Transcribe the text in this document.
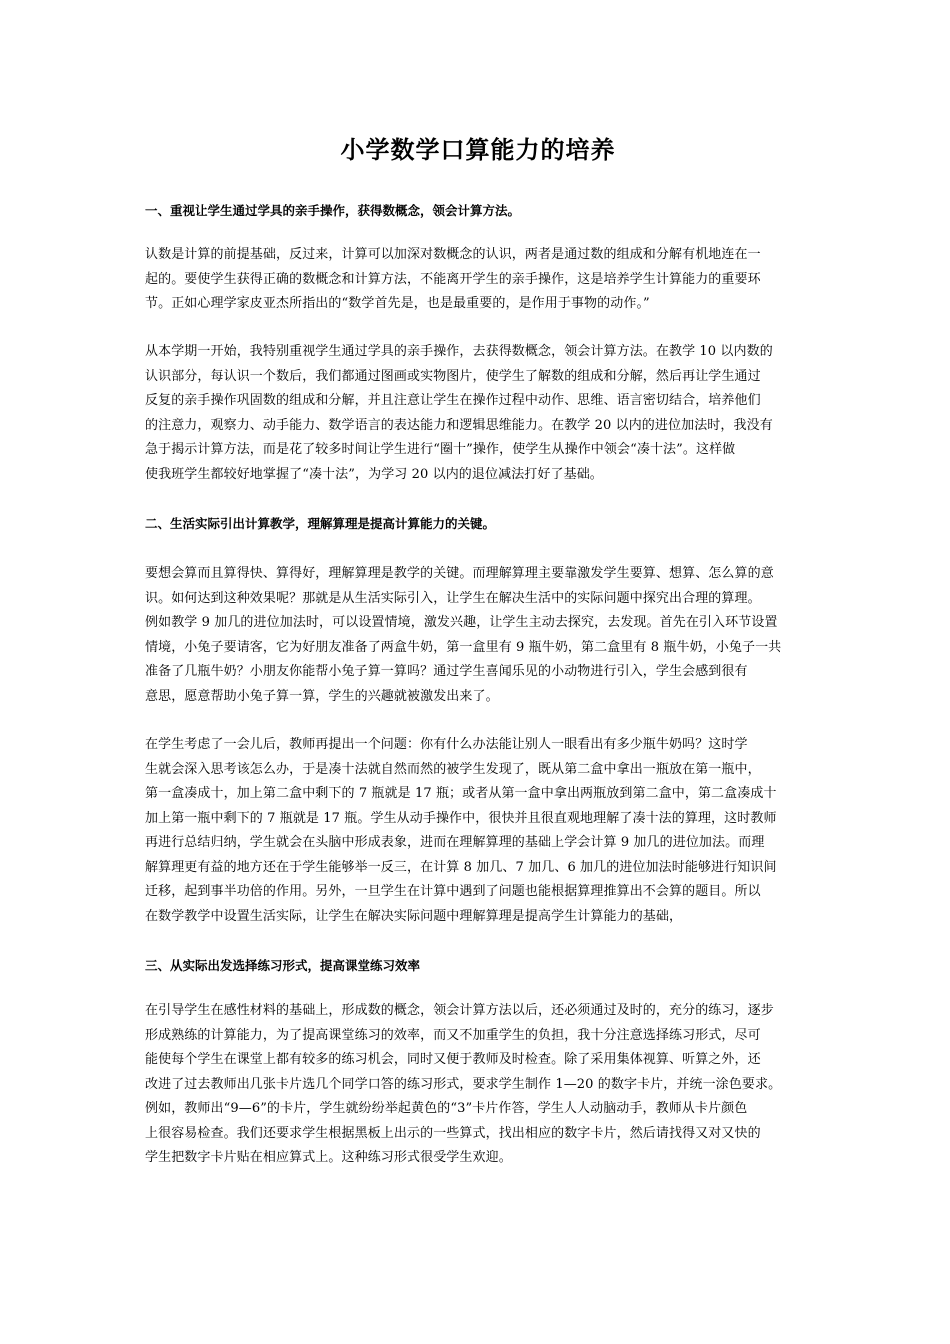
小学数学口算能力的培养
一、重视让学生通过学具的亲手操作，获得数概念，领会计算方法。
认数是计算的前提基础，反过来，计算可以加深对数概念的认识，两者是通过数的组成和分解有机地连在一
起的。要使学生获得正确的数概念和计算方法，不能离开学生的亲手操作，这是培养学生计算能力的重要环
节。正如心理学家皮亚杰所指出的“数学首先是，也是最重要的，是作用于事物的动作。”
从本学期一开始，我特别重视学生通过学具的亲手操作，去获得数概念，领会计算方法。在教学 10 以内数的
认识部分，每认识一个数后，我们都通过图画或实物图片，使学生了解数的组成和分解，然后再让学生通过
反复的亲手操作巩固数的组成和分解，并且注意让学生在操作过程中动作、思维、语言密切结合，培养他们
的注意力，观察力、动手能力、数学语言的表达能力和逻辑思维能力。在教学 20 以内的进位加法时，我没有
急于揭示计算方法，而是花了较多时间让学生进行“圈十”操作，使学生从操作中领会“凑十法”。这样做
使我班学生都较好地掌握了“凑十法”，为学习 20 以内的退位减法打好了基础。
二、生活实际引出计算教学，理解算理是提高计算能力的关键。
要想会算而且算得快、算得好，理解算理是教学的关键。而理解算理主要靠激发学生要算、想算、怎么算的意
识。如何达到这种效果呢？那就是从生活实际引入，让学生在解决生活中的实际问题中探究出合理的算理。
例如教学 9 加几的进位加法时，可以设置情境，激发兴趣，让学生主动去探究，去发现。首先在引入环节设置
情境，小兔子要请客，它为好朋友准备了两盒牛奶，第一盒里有 9 瓶牛奶，第二盒里有 8 瓶牛奶，小兔子一共
准备了几瓶牛奶？小朋友你能帮小兔子算一算吗？通过学生喜闻乐见的小动物进行引入，学生会感到很有
意思，愿意帮助小兔子算一算，学生的兴趣就被激发出来了。
在学生考虑了一会儿后，教师再提出一个问题：你有什么办法能让别人一眼看出有多少瓶牛奶吗？这时学
生就会深入思考该怎么办，于是凑十法就自然而然的被学生发现了，既从第二盒中拿出一瓶放在第一瓶中，
第一盒凑成十，加上第二盒中剩下的 7 瓶就是 17 瓶；或者从第一盒中拿出两瓶放到第二盒中，第二盒凑成十
加上第一瓶中剩下的 7 瓶就是 17 瓶。学生从动手操作中，很快并且很直观地理解了凑十法的算理，这时教师
再进行总结归纳，学生就会在头脑中形成表象，进而在理解算理的基础上学会计算 9 加几的进位加法。而理
解算理更有益的地方还在于学生能够举一反三，在计算 8 加几、7 加几、6 加几的进位加法时能够进行知识间
迁移，起到事半功倍的作用。另外，一旦学生在计算中遇到了问题也能根据算理推算出不会算的题目。所以
在数学教学中设置生活实际，让学生在解决实际问题中理解算理是提高学生计算能力的基础，
三、从实际出发选择练习形式，提高课堂练习效率
在引导学生在感性材料的基础上，形成数的概念，领会计算方法以后，还必须通过及时的，充分的练习，逐步
形成熟练的计算能力，为了提高课堂练习的效率，而又不加重学生的负担，我十分注意选择练习形式，尽可
能使每个学生在课堂上都有较多的练习机会，同时又便于教师及时检查。除了采用集体视算、听算之外，还
改进了过去教师出几张卡片选几个同学口答的练习形式，要求学生制作 1—20 的数字卡片，并统一涂色要求。
例如，教师出“9—6”的卡片，学生就纷纷举起黄色的“3”卡片作答，学生人人动脑动手，教师从卡片颜色
上很容易检查。我们还要求学生根据黑板上出示的一些算式，找出相应的数字卡片，然后请找得又对又快的
学生把数字卡片贴在相应算式上。这种练习形式很受学生欢迎。
